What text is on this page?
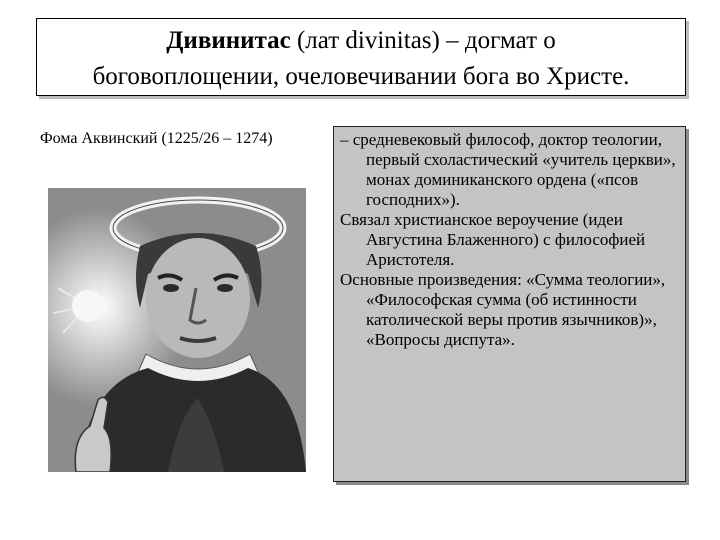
Дивинитас (лат divinitas) – догмат о
боговоплощении, очеловечивании бога во Христе.
Фома Аквинский (1225/26 – 1274)	– средневековый философ, доктор теологии, первый схоластический «учитель церкви», монах доминиканского ордена («псов господних»).

Связал христианское вероучение (идеи Августина Блаженного) с философией Аристотеля.

Основные произведения: «Сумма теологии», «Философская сумма (об истинности католической веры против язычников)», «Вопросы диспута».
